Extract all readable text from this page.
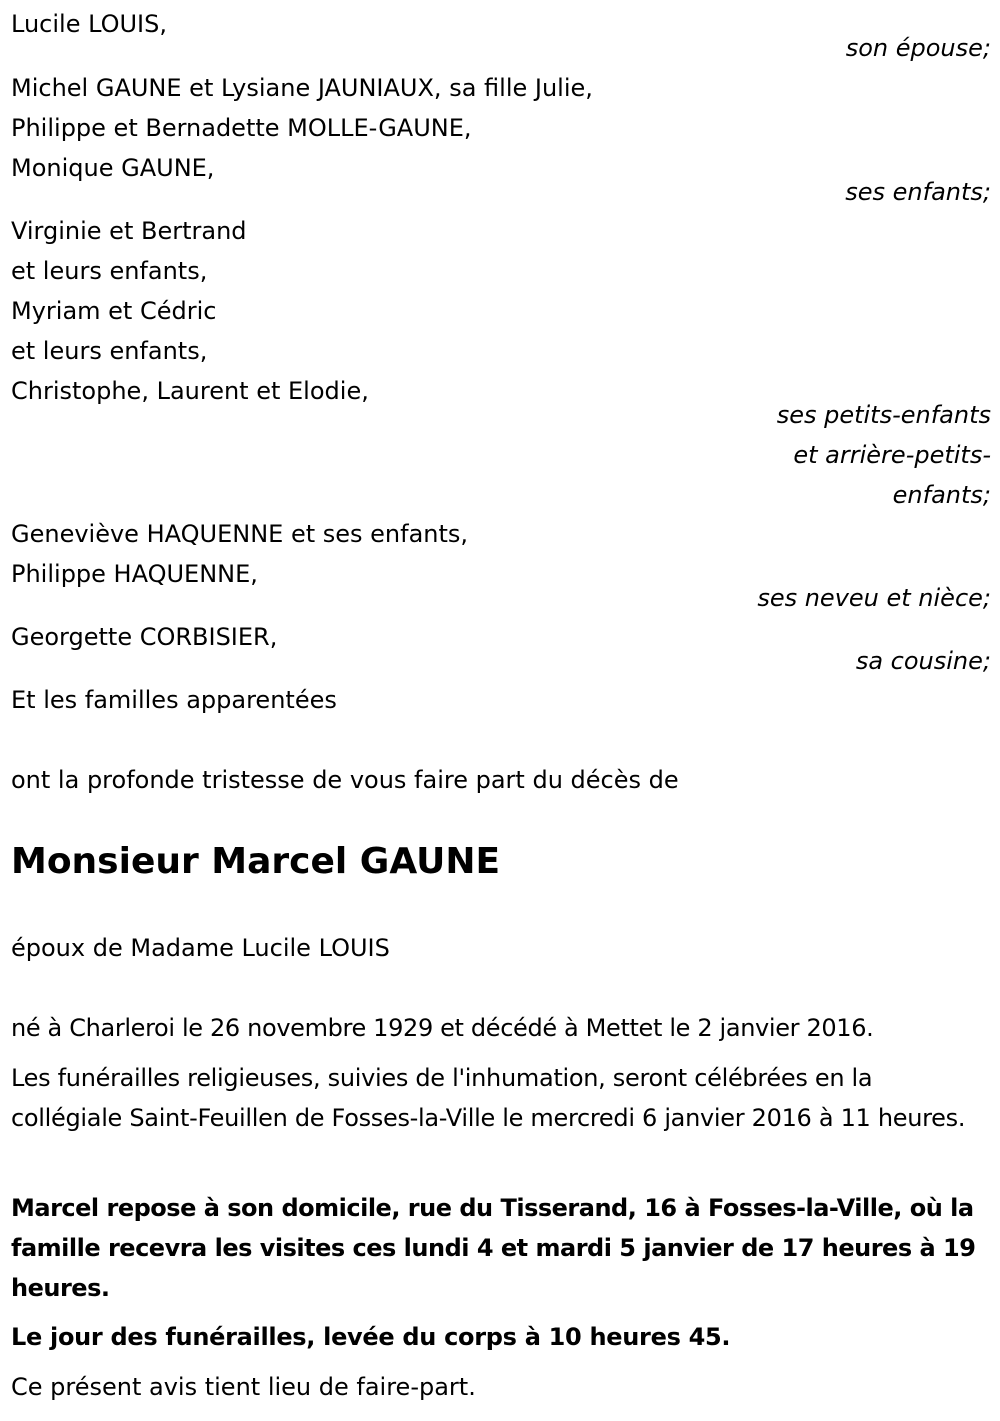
Lucile LOUIS,
son épouse;
Michel GAUNE et Lysiane JAUNIAUX, sa fille Julie,
Philippe et Bernadette MOLLE-GAUNE,
Monique GAUNE,
ses enfants;
Virginie et Bertrand
et leurs enfants,
Myriam et Cédric
et leurs enfants,
Christophe, Laurent et Elodie,
ses petits-enfants
et arrière-petits-
enfants;
Geneviève HAQUENNE et ses enfants,
Philippe HAQUENNE,
ses neveu et nièce;
Georgette CORBISIER,
sa cousine;
Et les familles apparentées
ont la profonde tristesse de vous faire part du décès de
Monsieur Marcel GAUNE
époux de Madame Lucile LOUIS
né à Charleroi le 26 novembre 1929 et décédé à Mettet le 2 janvier 2016.

Les funérailles religieuses, suivies de l'inhumation, seront célébrées en la collégiale Saint-Feuillen de Fosses-la-Ville le mercredi 6 janvier 2016 à 11 heures.

Marcel repose à son domicile, rue du Tisserand, 16 à Fosses-la-Ville, où la famille recevra les visites ces lundi 4 et mardi 5 janvier de 17 heures à 19 heures.

Le jour des funérailles, levée du corps à 10 heures 45.

Ce présent avis tient lieu de faire-part.
